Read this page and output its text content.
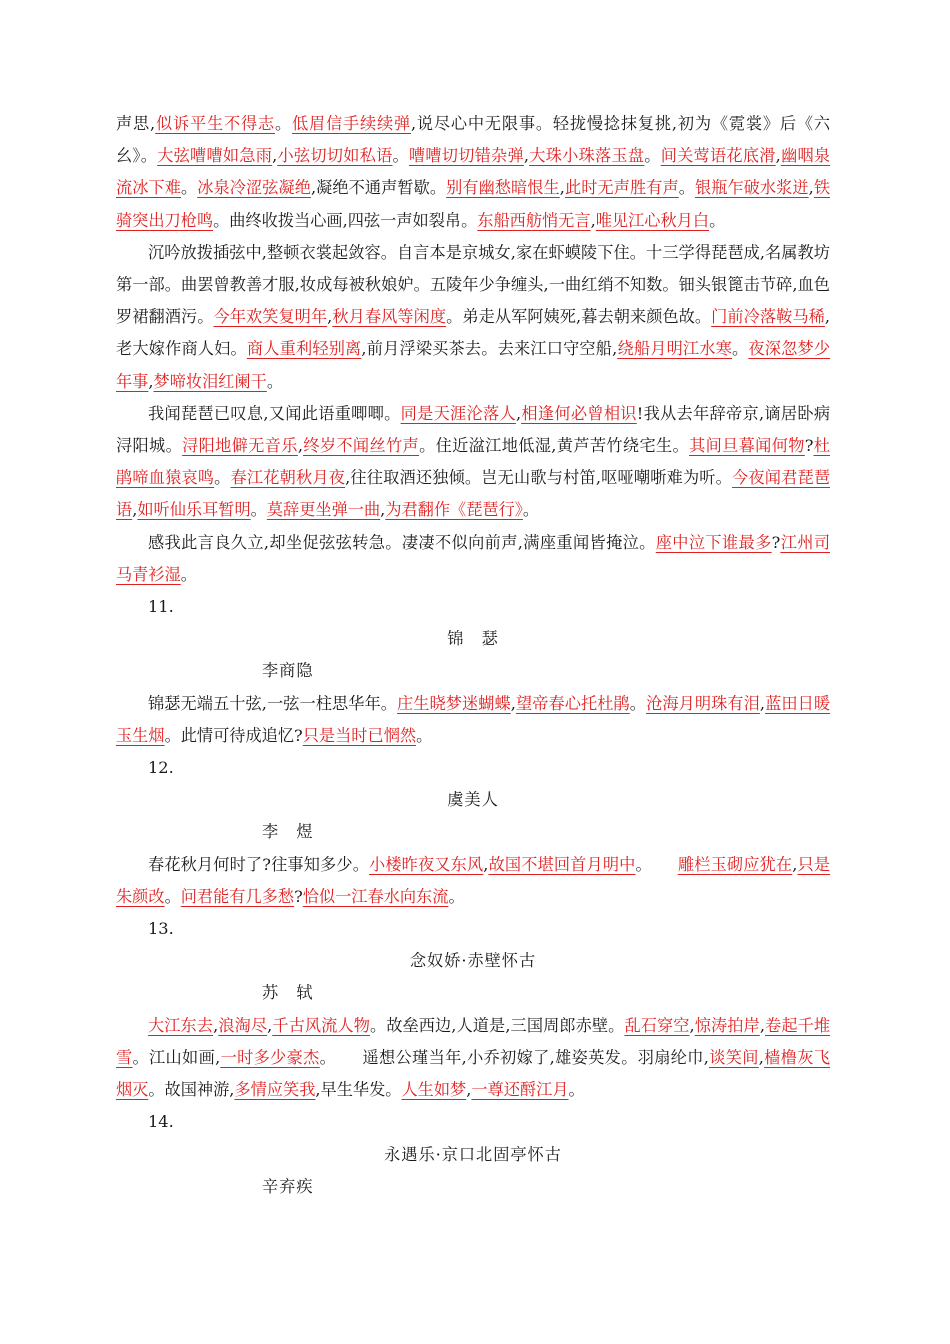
声思,似诉平生不得志。低眉信手续续弹,说尽心中无限事。轻拢慢捻抹复挑,初为《霓裳》后《六幺》。大弦嘈嘈如急雨,小弦切切如私语。嘈嘈切切错杂弹,大珠小珠落玉盘。间关莺语花底滑,幽咽泉流冰下难。冰泉冷涩弦凝绝,凝绝不通声暂歇。别有幽愁暗恨生,此时无声胜有声。银瓶乍破水浆迸,铁骑突出刀枪鸣。曲终收拨当心画,四弦一声如裂帛。东船西舫悄无言,唯见江心秋月白。

沉吟放拨插弦中,整顿衣裳起敛容。自言本是京城女,家在虾蟆陵下住。十三学得琵琶成,名属教坊第一部。曲罢曾教善才服,妆成每被秋娘妒。五陵年少争缠头,一曲红绡不知数。钿头银篦击节碎,血色罗裙翻酒污。今年欢笑复明年,秋月春风等闲度。弟走从军阿姨死,暮去朝来颜色故。门前冷落鞍马稀,老大嫁作商人妇。商人重利轻别离,前月浮梁买茶去。去来江口守空船,绕船月明江水寒。夜深忽梦少年事,梦啼妆泪红阑干。

我闻琵琶已叹息,又闻此语重唧唧。同是天涯沦落人,相逢何必曾相识!我从去年辞帝京,谪居卧病浔阳城。浔阳地僻无音乐,终岁不闻丝竹声。住近湓江地低湿,黄芦苦竹绕宅生。其间旦暮闻何物?杜鹃啼血猿哀鸣。春江花朝秋月夜,往往取酒还独倾。岂无山歌与村笛,呕哑嘲哳难为听。今夜闻君琵琶语,如听仙乐耳暂明。莫辞更坐弹一曲,为君翻作《琵琶行》。

感我此言良久立,却坐促弦弦转急。凄凄不似向前声,满座重闻皆掩泣。座中泣下谁最多?江州司马青衫湿。

11.

锦　瑟

李商隐

锦瑟无端五十弦,一弦一柱思华年。庄生晓梦迷蝴蝶,望帝春心托杜鹃。沧海月明珠有泪,蓝田日暖玉生烟。此情可待成追忆?只是当时已惘然。

12.

虞美人

李　煜

春花秋月何时了?往事知多少。小楼昨夜又东风,故国不堪回首月明中。 雕栏玉砌应犹在,只是朱颜改。问君能有几多愁?恰似一江春水向东流。

13.

念奴娇·赤壁怀古

苏　轼

大江东去,浪淘尽,千古风流人物。故垒西边,人道是,三国周郎赤壁。乱石穿空,惊涛拍岸,卷起千堆雪。江山如画,一时多少豪杰。 遥想公瑾当年,小乔初嫁了,雄姿英发。羽扇纶巾,谈笑间,樯橹灰飞烟灭。故国神游,多情应笑我,早生华发。人生如梦,一尊还酹江月。

14.

永遇乐·京口北固亭怀古

辛弃疾
